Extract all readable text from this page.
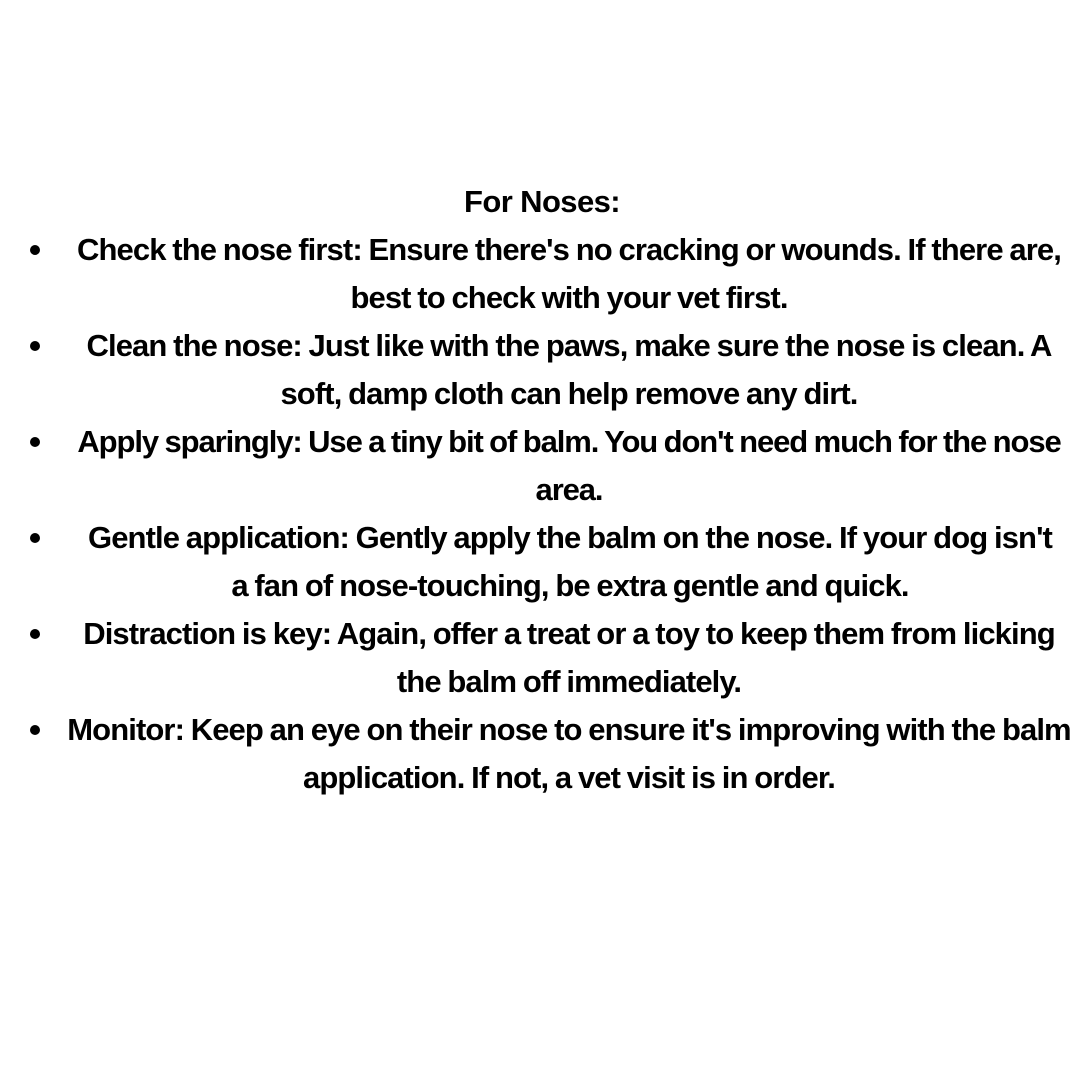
For Noses:
Check the nose first: Ensure there's no cracking or wounds. If there are, best to check with your vet first.
Clean the nose: Just like with the paws, make sure the nose is clean. A soft, damp cloth can help remove any dirt.
Apply sparingly: Use a tiny bit of balm. You don't need much for the nose area.
Gentle application: Gently apply the balm on the nose. If your dog isn't a fan of nose-touching, be extra gentle and quick.
Distraction is key: Again, offer a treat or a toy to keep them from licking the balm off immediately.
Monitor: Keep an eye on their nose to ensure it's improving with the balm application. If not, a vet visit is in order.
